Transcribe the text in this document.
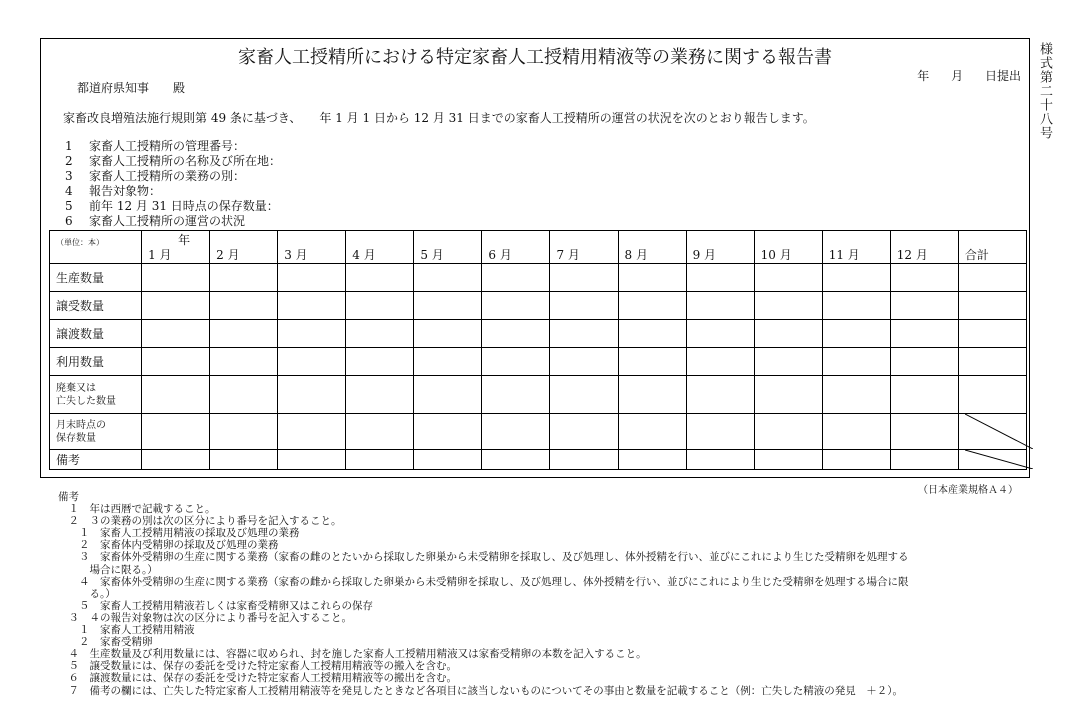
様式第二十八号
家畜人工授精所における特定家畜人工授精用精液等の業務に関する報告書
年 月 日提出
都道府県知事　　殿
家畜改良増殖法施行規則第 49 条に基づき、　　年 1 月 1 日から 12 月 31 日までの家畜人工授精所の運営の状況を次のとおり報告します。
1 家畜人工授精所の管理番号：
2 家畜人工授精所の名称及び所在地：
3 家畜人工授精所の業務の別：
4 報告対象物：
5 前年 12 月 31 日時点の保存数量：
6 家畜人工授精所の運営の状況
（単位：本）	年
1 月	2 月	3 月	4 月	5 月	6 月	7 月	8 月	9 月	10 月	11 月	12 月	合計
生産数量													
譲受数量													
譲渡数量													
利用数量													
廃棄又は
亡失した数量													
月末時点の
保存数量													

備考													
（日本産業規格Ａ４）
備考
　１　年は西暦で記載すること。
　２　３の業務の別は次の区分により番号を記入すること。
　　１　家畜人工授精用精液の採取及び処理の業務
　　２　家畜体内受精卵の採取及び処理の業務
　　３　家畜体外受精卵の生産に関する業務（家畜の雌のとたいから採取した卵巣から未受精卵を採取し、及び処理し、体外授精を行い、並びにこれにより生じた受精卵を処理する
　　　場合に限る。）
　　４　家畜体外受精卵の生産に関する業務（家畜の雌から採取した卵巣から未受精卵を採取し、及び処理し、体外授精を行い、並びにこれにより生じた受精卵を処理する場合に限
　　　る。）
　　５　家畜人工授精用精液若しくは家畜受精卵又はこれらの保存
　３　４の報告対象物は次の区分により番号を記入すること。
　　１　家畜人工授精用精液
　　２　家畜受精卵
　４　生産数量及び利用数量には、容器に収められ、封を施した家畜人工授精用精液又は家畜受精卵の本数を記入すること。
　５　譲受数量には、保存の委託を受けた特定家畜人工授精用精液等の搬入を含む。
　６　譲渡数量には、保存の委託を受けた特定家畜人工授精用精液等の搬出を含む。
　７　備考の欄には、亡失した特定家畜人工授精用精液等を発見したときなど各項目に該当しないものについてその事由と数量を記載すること（例：亡失した精液の発見　＋２）。
